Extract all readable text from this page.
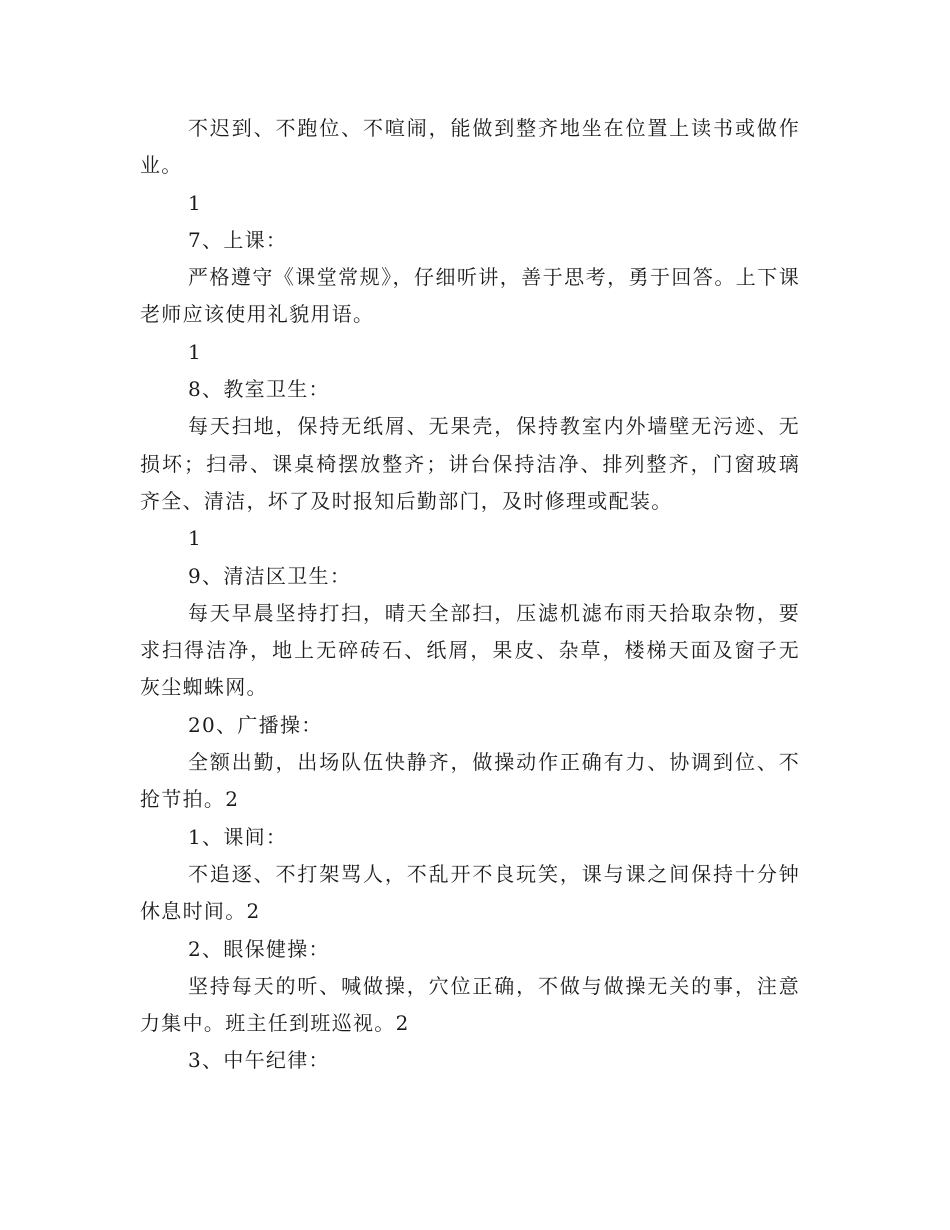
不迟到、不跑位、不喧闹，能做到整齐地坐在位置上读书或做作业。

1

7、上课：

严格遵守《课堂常规》，仔细听讲，善于思考，勇于回答。上下课老师应该使用礼貌用语。

1

8、教室卫生：

每天扫地，保持无纸屑、无果壳，保持教室内外墙壁无污迹、无损坏；扫帚、课桌椅摆放整齐；讲台保持洁净、排列整齐，门窗玻璃齐全、清洁，坏了及时报知后勤部门，及时修理或配装。

1

9、清洁区卫生：

每天早晨坚持打扫，晴天全部扫，压滤机滤布雨天拾取杂物，要求扫得洁净，地上无碎砖石、纸屑，果皮、杂草，楼梯天面及窗子无灰尘蜘蛛网。

20、广播操：

全额出勤，出场队伍快静齐，做操动作正确有力、协调到位、不抢节拍。2

1、课间：

不追逐、不打架骂人，不乱开不良玩笑，课与课之间保持十分钟休息时间。2

2、眼保健操：

坚持每天的听、喊做操，穴位正确，不做与做操无关的事，注意力集中。班主任到班巡视。2

3、中午纪律：
